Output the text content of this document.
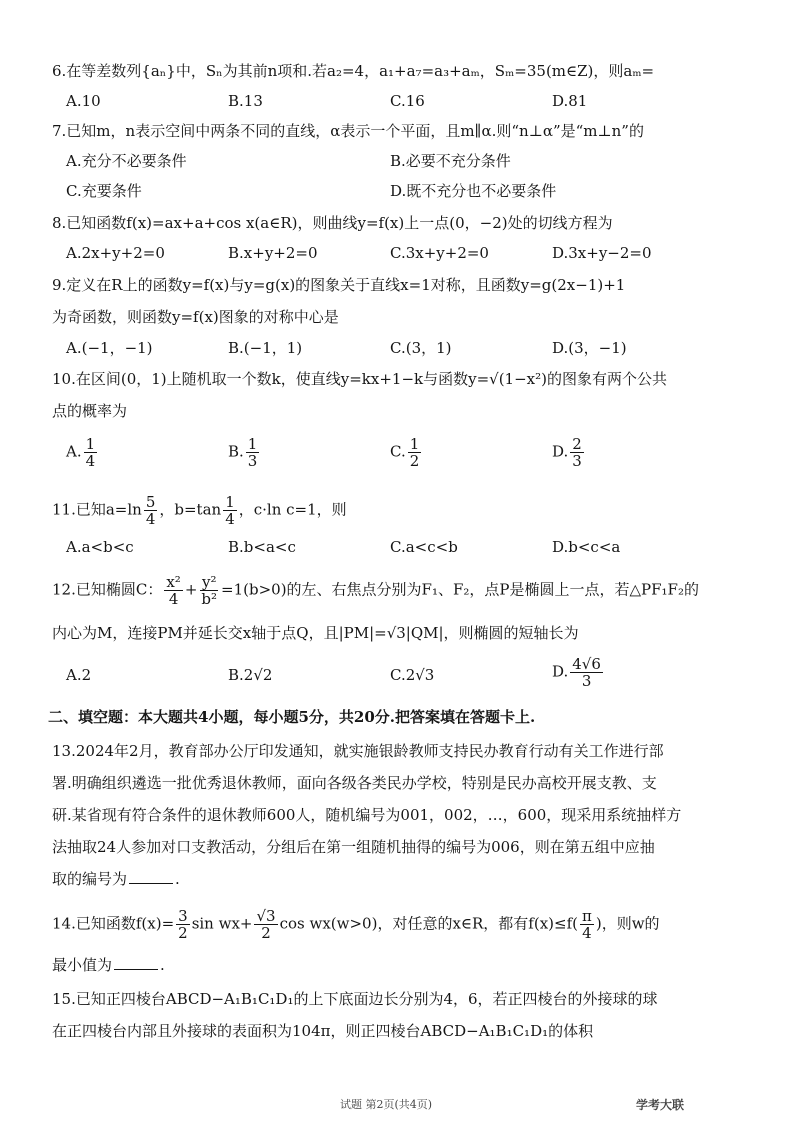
6.在等差数列{aₙ}中，Sₙ为其前n项和.若a₂=4，a₁+a₇=a₃+aₘ，Sₘ=35(m∈Z)，则aₘ=
A.10	B.13	C.16	D.81
7.已知m，n表示空间中两条不同的直线，α表示一个平面，且m∥α.则“n⊥α”是“m⊥n”的
A.充分不必要条件	B.必要不充分条件
C.充要条件	D.既不充分也不必要条件
8.已知函数f(x)=ax+a+cos x(a∈R)，则曲线y=f(x)上一点(0，−2)处的切线方程为
A.2x+y+2=0	B.x+y+2=0	C.3x+y+2=0	D.3x+y−2=0
9.定义在R上的函数y=f(x)与y=g(x)的图象关于直线x=1对称，且函数y=g(2x−1)+1
为奇函数，则函数y=f(x)图象的对称中心是
A.(−1，−1)	B.(−1，1)	C.(3，1)	D.(3，−1)
10.在区间(0，1)上随机取一个数k，使直线y=kx+1−k与函数y=√(1−x²)的图象有两个公共
点的概率为
A. $\frac{1}{4}$	B. $\frac{1}{3}$	C. $\frac{1}{2}$	D. $\frac{2}{3}$
11.已知$a=\ln \frac{5}{4}$ ，$b=\tan \frac{1}{4}$ ，c·ln c=1，则
A.a<b<c	B.b<a<c	C.a<c<b	D.b<c<a
12.已知椭圆C： $\frac{\text{x²}}{4} + \frac{\text{y²}}{\text{b²}} =1(b>0)$的左、右焦点分别为F₁、F₂，点P是椭圆上一点，若△PF₁F₂的
内心为M，连接PM并延长交x轴于点Q，且|PM|=√3|QM|，则椭圆的短轴长为
A.2	B.2√2	C.2√3	D. $\frac{4√6}{3}$
二、填空题：本大题共4小题，每小题5分，共20分.把答案填在答题卡上.
13.2024年2月，教育部办公厅印发通知，就实施银龄教师支持民办教育行动有关工作进行部
署.明确组织遴选一批优秀退休教师，面向各级各类民办学校，特别是民办高校开展支教、支
研.某省现有符合条件的退休教师600人，随机编号为001，002，…，600，现采用系统抽样方
法抽取24人参加对口支教活动，分组后在第一组随机抽得的编号为006，则在第五组中应抽
取的编号为	.
14.已知函数$f(x)= \frac{3}{2}$ $\sin wx+ \frac{√3}{2}$ cos wx(w>0)，对任意的x∈R，都有$f(x)\le f( \frac{\pi}{4}$ )，则w的
最小值为	.
15.已知正四棱台ABCD−A₁B₁C₁D₁的上下底面边长分别为4，6，若正四棱台的外接球的球
在正四棱台内部且外接球的表面积为104π，则正四棱台ABCD−A₁B₁C₁D₁的体积
试题 第2页(共4页)	学考大联
